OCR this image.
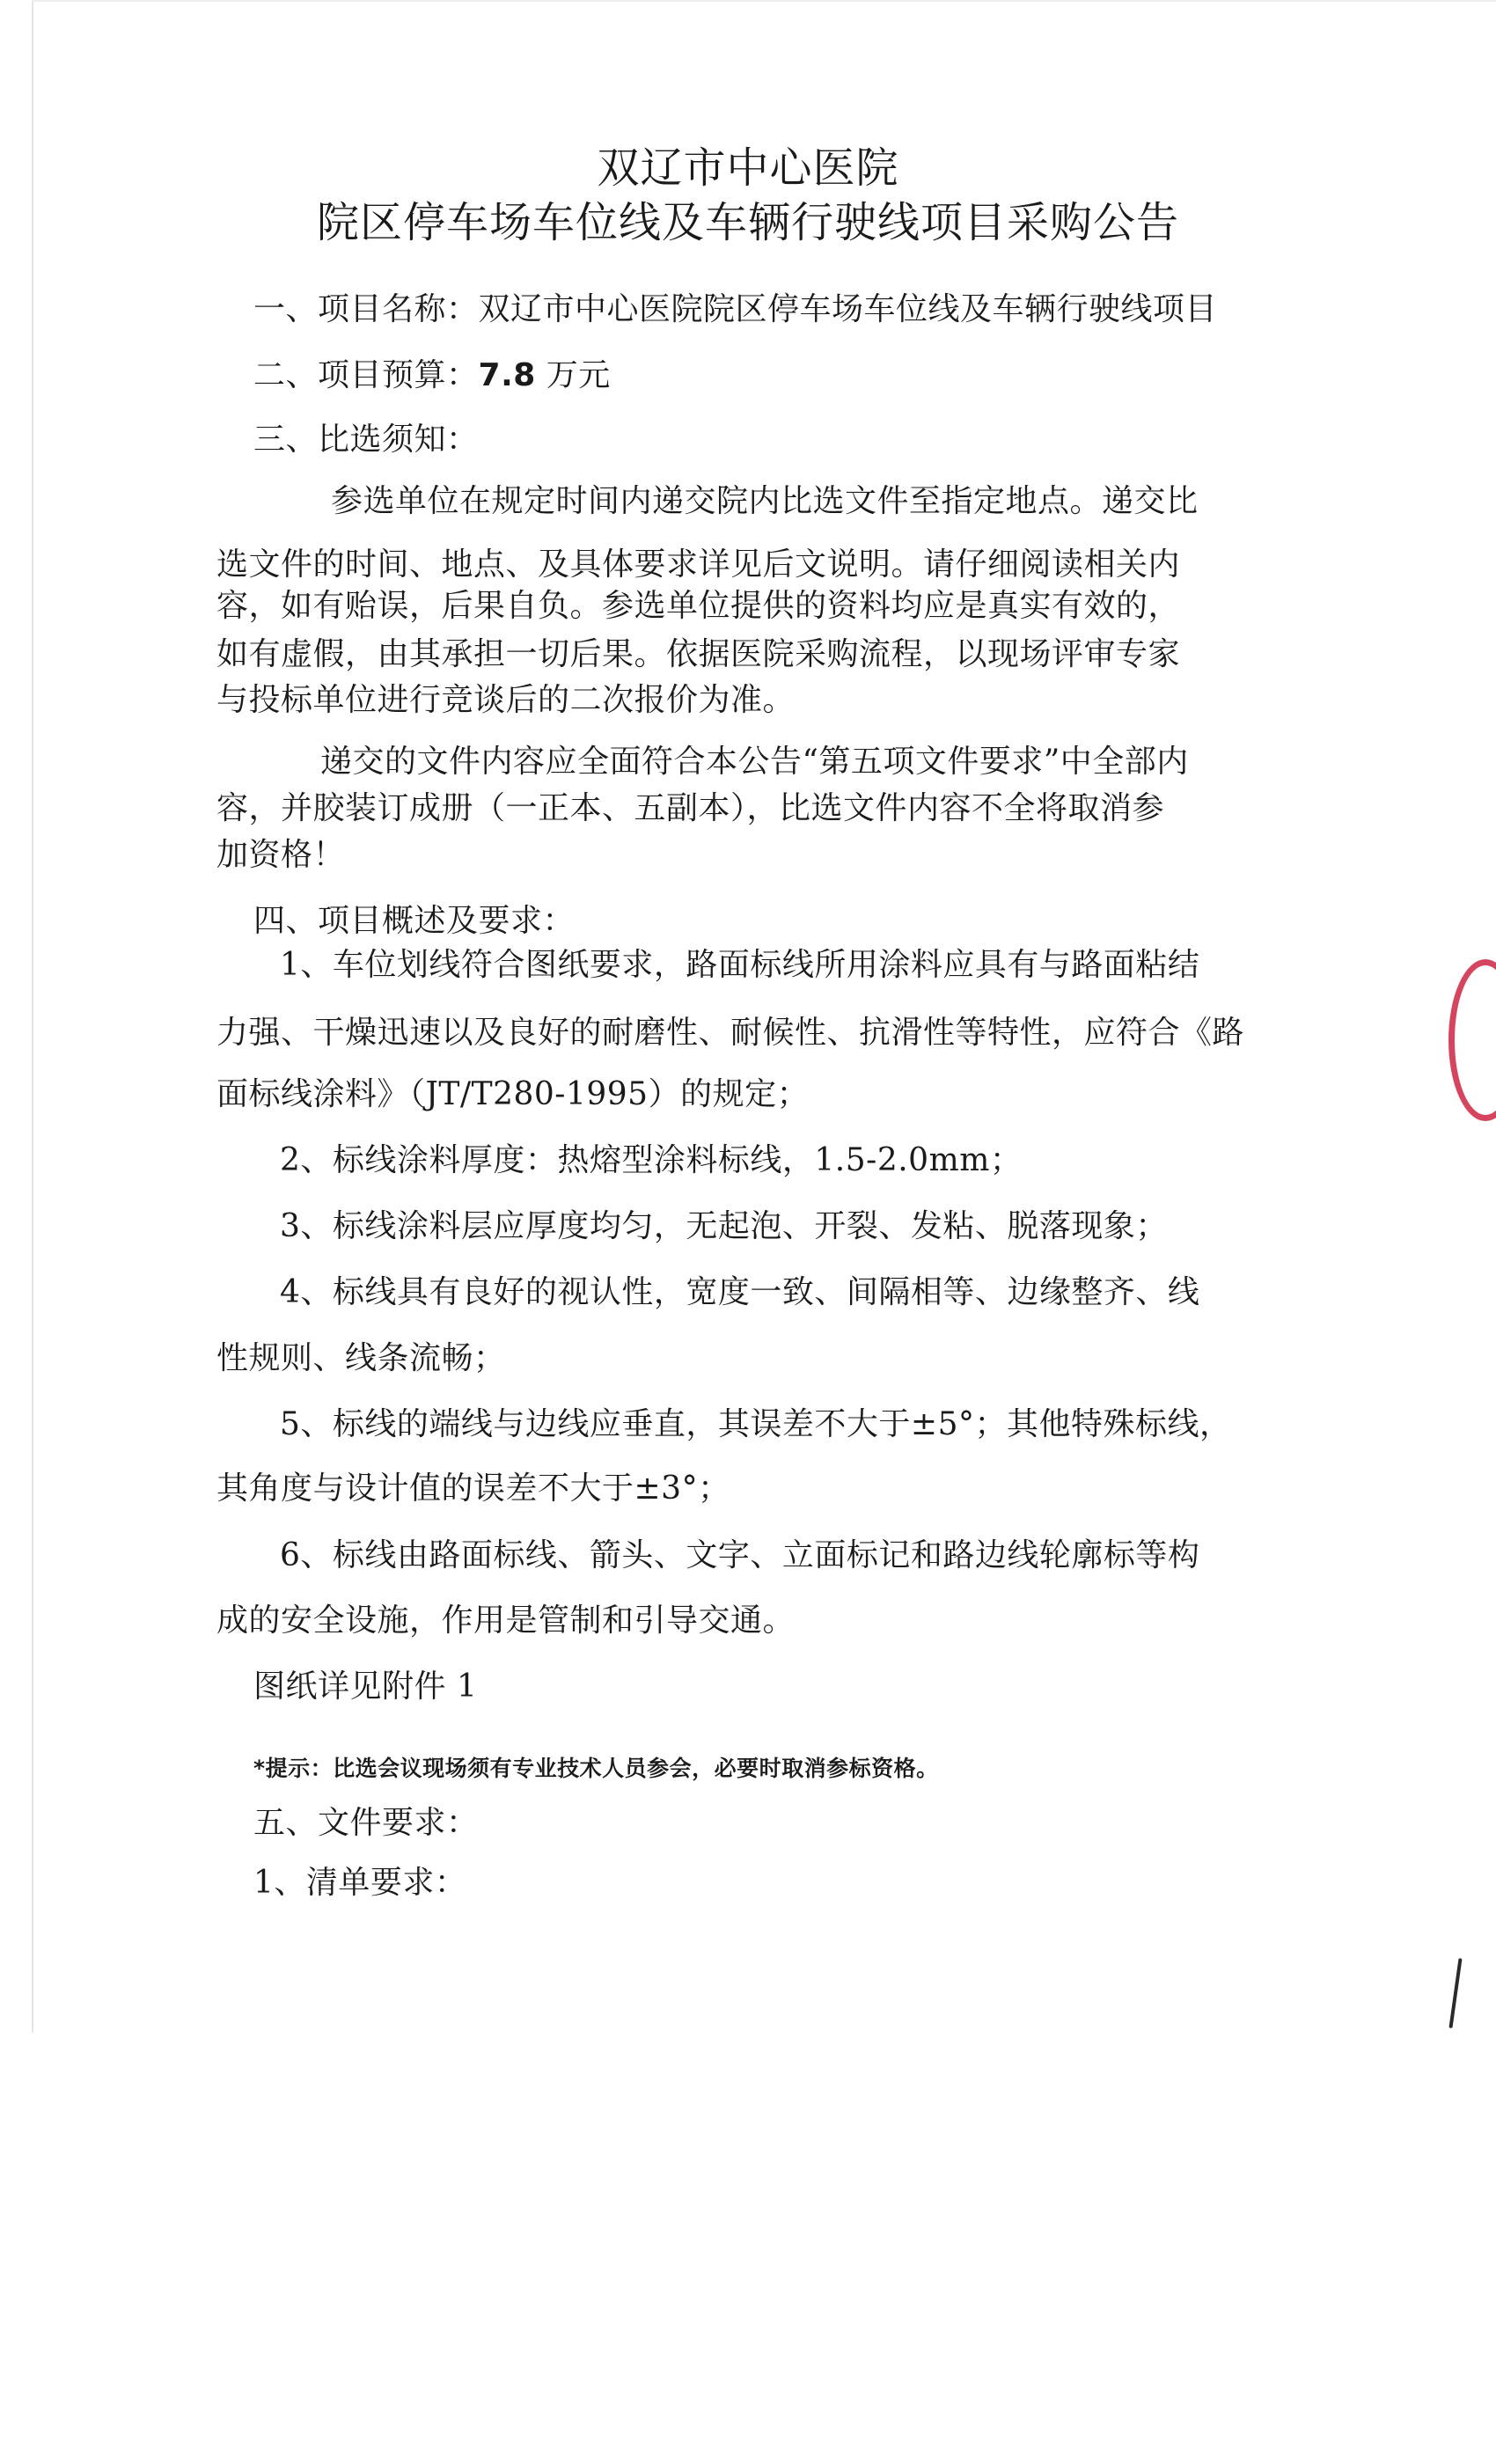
双辽市中心医院
院区停车场车位线及车辆行驶线项目采购公告
一、项目名称：双辽市中心医院院区停车场车位线及车辆行驶线项目
二、项目预算：7.8 万元
三、比选须知：
参选单位在规定时间内递交院内比选文件至指定地点。递交比
选文件的时间、地点、及具体要求详见后文说明。请仔细阅读相关内
容，如有贻误，后果自负。参选单位提供的资料均应是真实有效的，
如有虚假，由其承担一切后果。依据医院采购流程，以现场评审专家
与投标单位进行竞谈后的二次报价为准。
递交的文件内容应全面符合本公告“第五项文件要求”中全部内
容，并胶装订成册（一正本、五副本），比选文件内容不全将取消参
加资格！
四、项目概述及要求：
1、车位划线符合图纸要求，路面标线所用涂料应具有与路面粘结
力强、干燥迅速以及良好的耐磨性、耐候性、抗滑性等特性，应符合《路
面标线涂料》（JT/T280-1995）的规定；
2、标线涂料厚度：热熔型涂料标线，1.5-2.0mm；
3、标线涂料层应厚度均匀，无起泡、开裂、发粘、脱落现象；
4、标线具有良好的视认性，宽度一致、间隔相等、边缘整齐、线
性规则、线条流畅；
5、标线的端线与边线应垂直，其误差不大于±5°；其他特殊标线，
其角度与设计值的误差不大于±3°；
6、标线由路面标线、箭头、文字、立面标记和路边线轮廓标等构
成的安全设施，作用是管制和引导交通。
图纸详见附件 1
*提示：比选会议现场须有专业技术人员参会，必要时取消参标资格。
五、文件要求：
1、清单要求：
